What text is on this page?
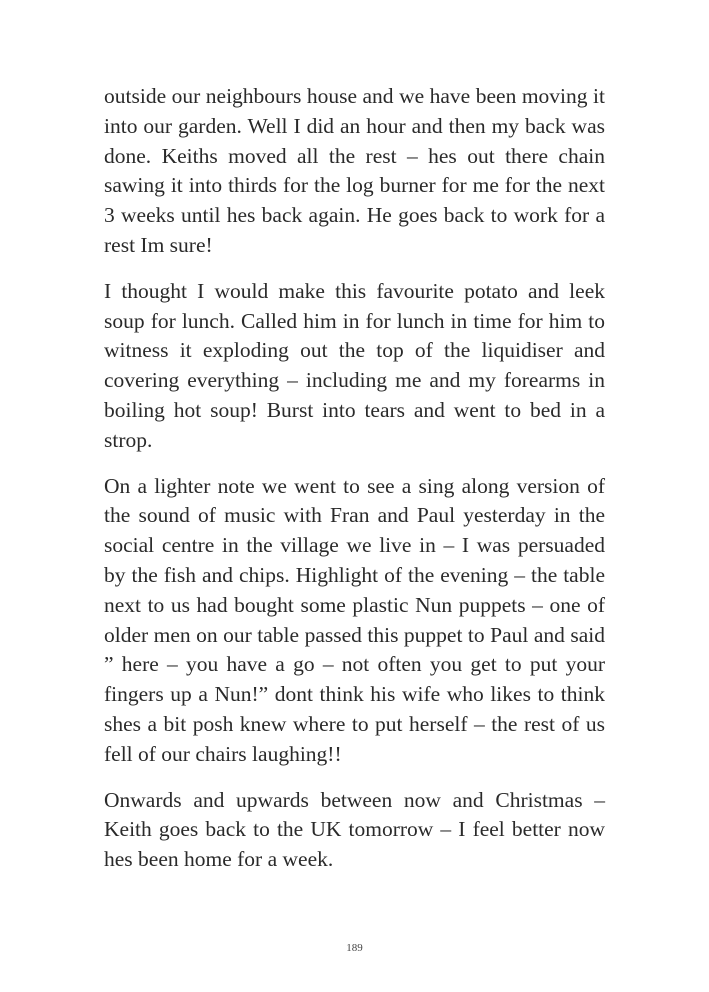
outside our neighbours house and we have been moving it into our garden. Well I did an hour and then my back was done. Keiths moved all the rest – hes out there chain sawing it into thirds for the log burner for me for the next 3 weeks until hes back again. He goes back to work for a rest Im sure!

I thought I would make this favourite potato and leek soup for lunch. Called him in for lunch in time for him to witness it exploding out the top of the liquidiser and covering everything – including me and my forearms in boiling hot soup! Burst into tears and went to bed in a strop.

On a lighter note we went to see a sing along version of the sound of music with Fran and Paul yesterday in the social centre in the village we live in – I was persuaded by the fish and chips. Highlight of the evening – the table next to us had bought some plastic Nun puppets – one of older men on our table passed this puppet to Paul and said ” here – you have a go – not often you get to put your fingers up a Nun!” dont think his wife who likes to think shes a bit posh knew where to put herself – the rest of us fell of our chairs laughing!!

Onwards and upwards between now and Christmas – Keith goes back to the UK tomorrow – I feel better now hes been home for a week.

189
